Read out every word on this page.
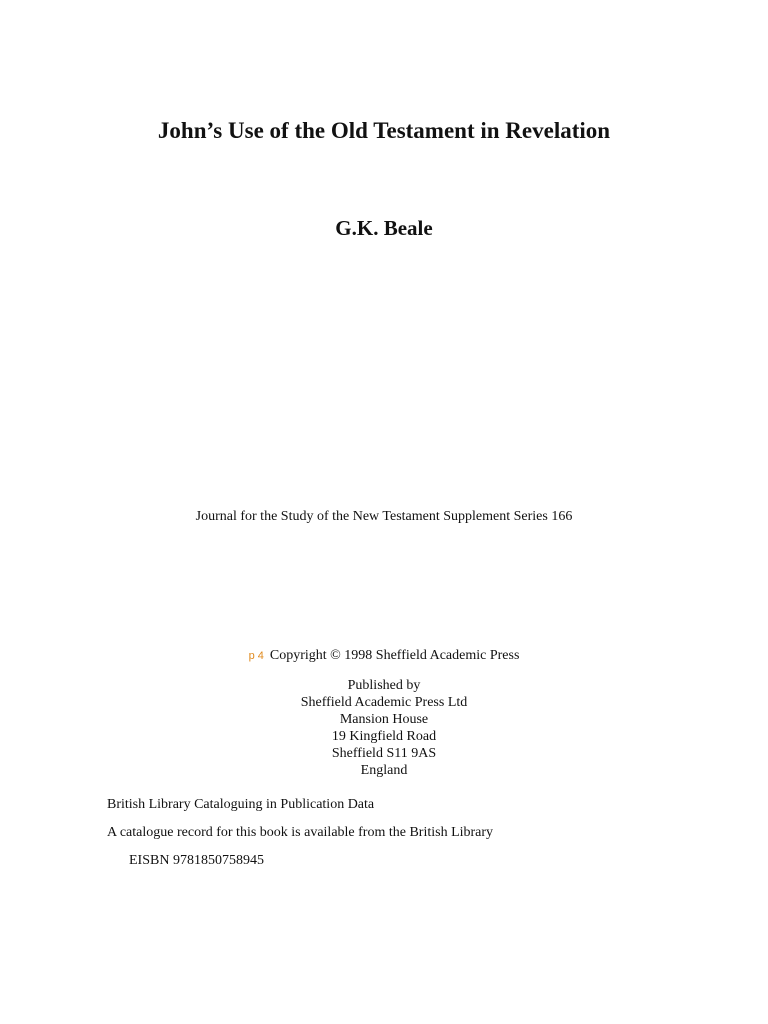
John’s Use of the Old Testament in Revelation
G.K. Beale
Journal for the Study of the New Testament Supplement Series 166
p 4 Copyright © 1998 Sheffield Academic Press
Published by
Sheffield Academic Press Ltd
Mansion House
19 Kingfield Road
Sheffield S11 9AS
England
British Library Cataloguing in Publication Data
A catalogue record for this book is available from the British Library
EISBN 9781850758945
